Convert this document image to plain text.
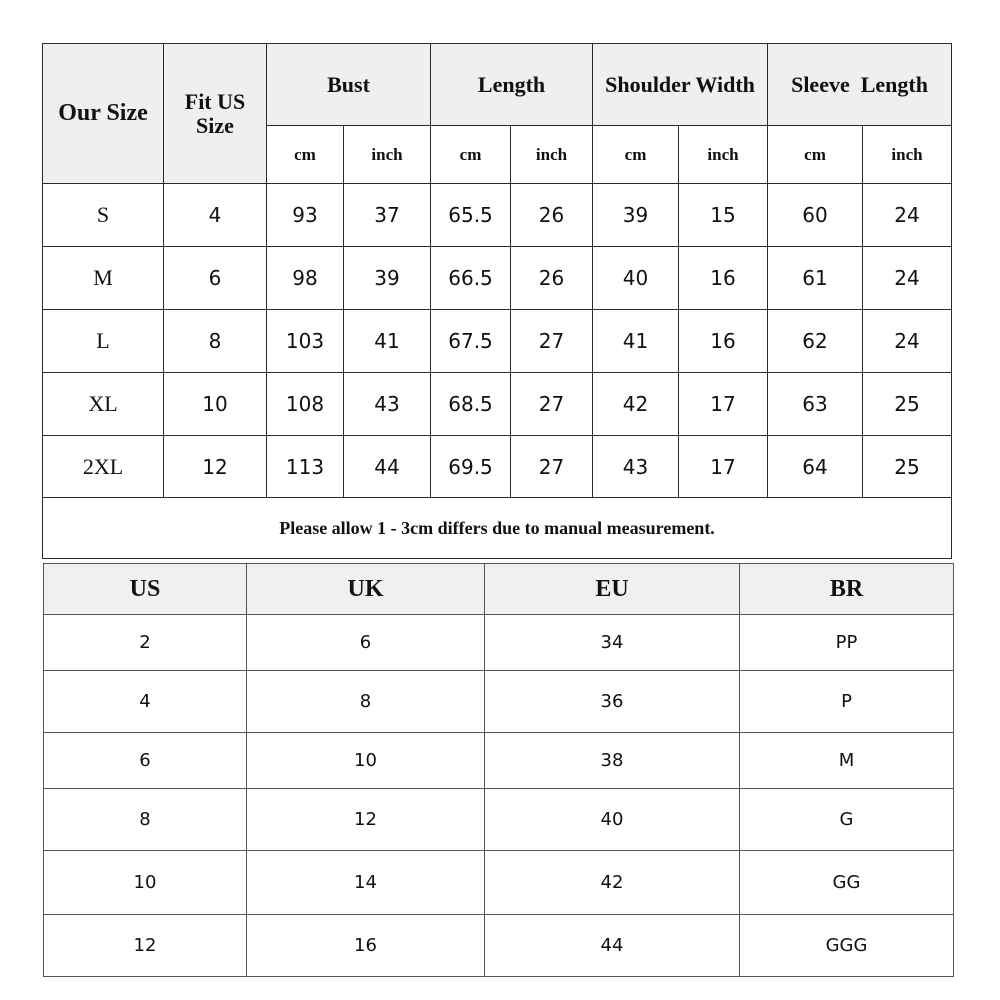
Our Size	Fit US
Size	Bust		Length		Shoulder Width		Sleeve  Length	
		cm	inch	cm	inch	cm	inch	cm	inch
S	4	93	37	65.5	26	39	15	60	24
M	6	98	39	66.5	26	40	16	61	24
L	8	103	41	67.5	27	41	16	62	24
XL	10	108	43	68.5	27	42	17	63	25
2XL	12	113	44	69.5	27	43	17	64	25
Please allow 1 - 3cm differs due to manual measurement.									
US	UK	EU	BR
2	6	34	PP
4	8	36	P
6	10	38	M
8	12	40	G
10	14	42	GG
12	16	44	GGG
